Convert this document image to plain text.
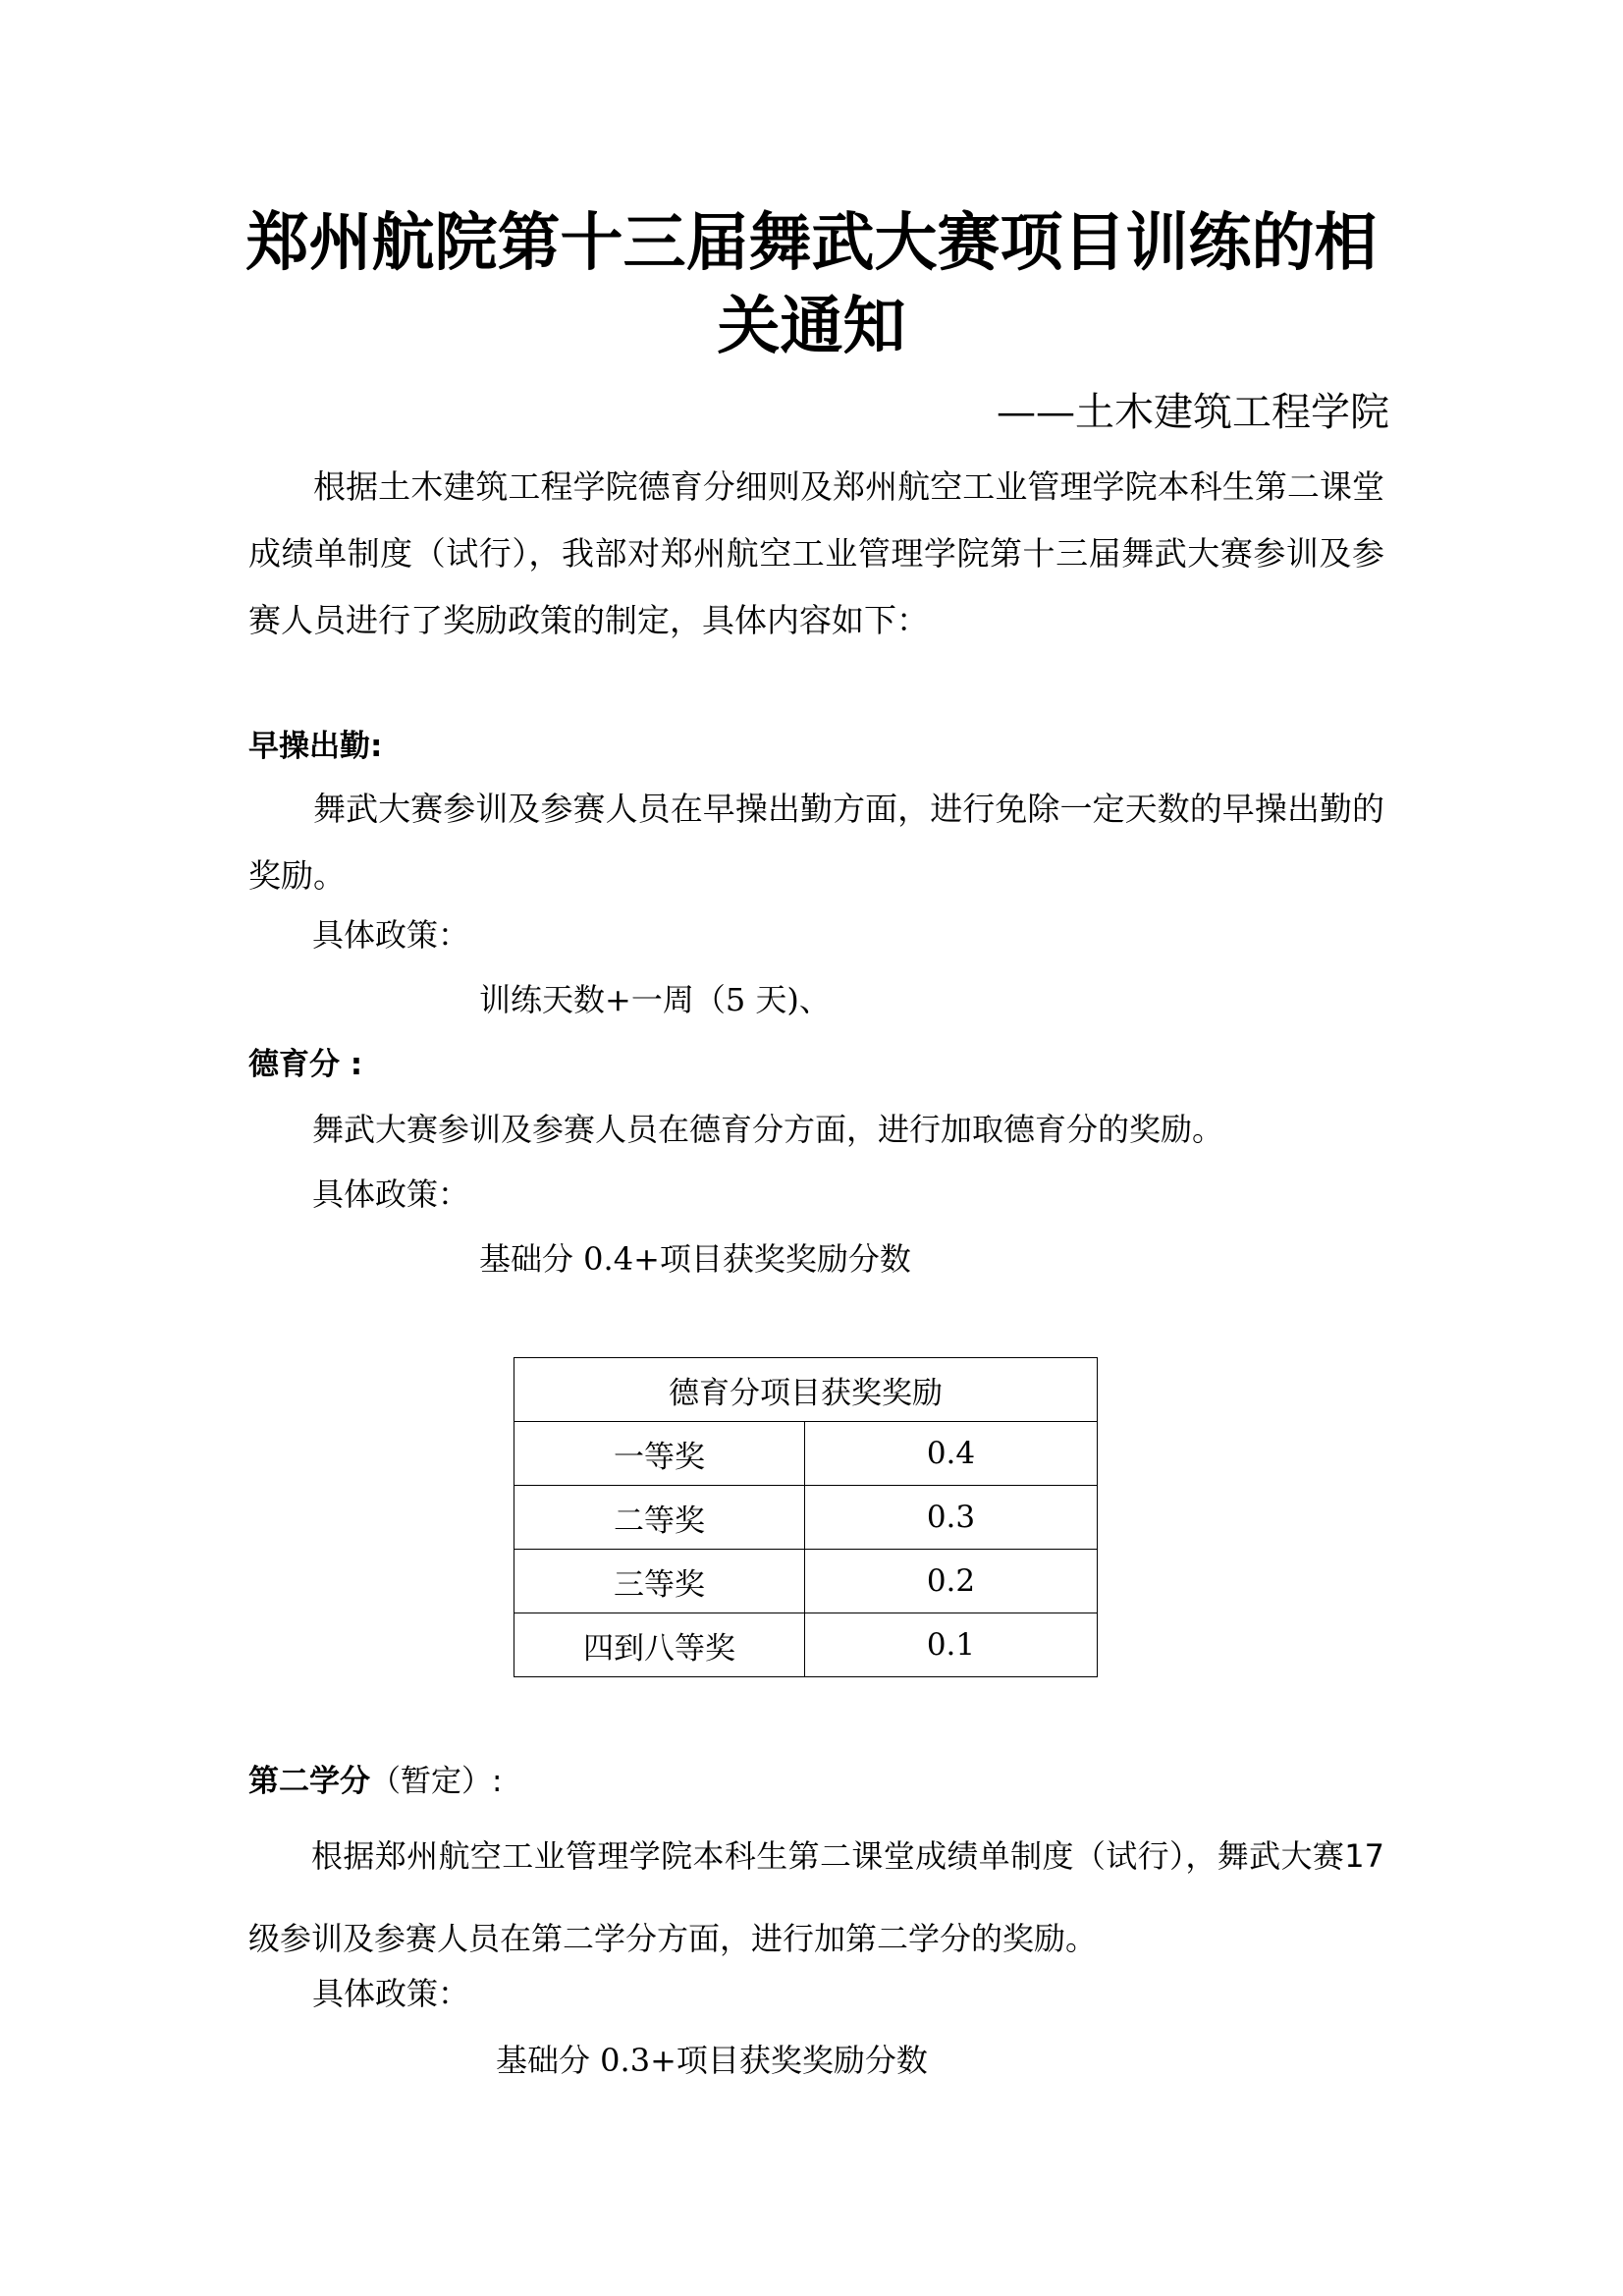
郑州航院第十三届舞武大赛项目训练的相
关通知
——土木建筑工程学院
根据土木建筑工程学院德育分细则及郑州航空工业管理学院本科生第二课堂成绩单制度（试行），我部对郑州航空工业管理学院第十三届舞武大赛参训及参赛人员进行了奖励政策的制定，具体内容如下：
早操出勤:
舞武大赛参训及参赛人员在早操出勤方面，进行免除一定天数的早操出勤的奖励。
具体政策：
训练天数+一周（5 天)、
德育分 :
舞武大赛参训及参赛人员在德育分方面，进行加取德育分的奖励。
具体政策：
基础分 0.4+项目获奖奖励分数
德育分项目获奖奖励	
一等奖	0.4
二等奖	0.3
三等奖	0.2
四到八等奖	0.1
第二学分（暂定）:
根据郑州航空工业管理学院本科生第二课堂成绩单制度（试行），舞武大赛17级参训及参赛人员在第二学分方面，进行加第二学分的奖励。
具体政策：
基础分 0.3+项目获奖奖励分数
